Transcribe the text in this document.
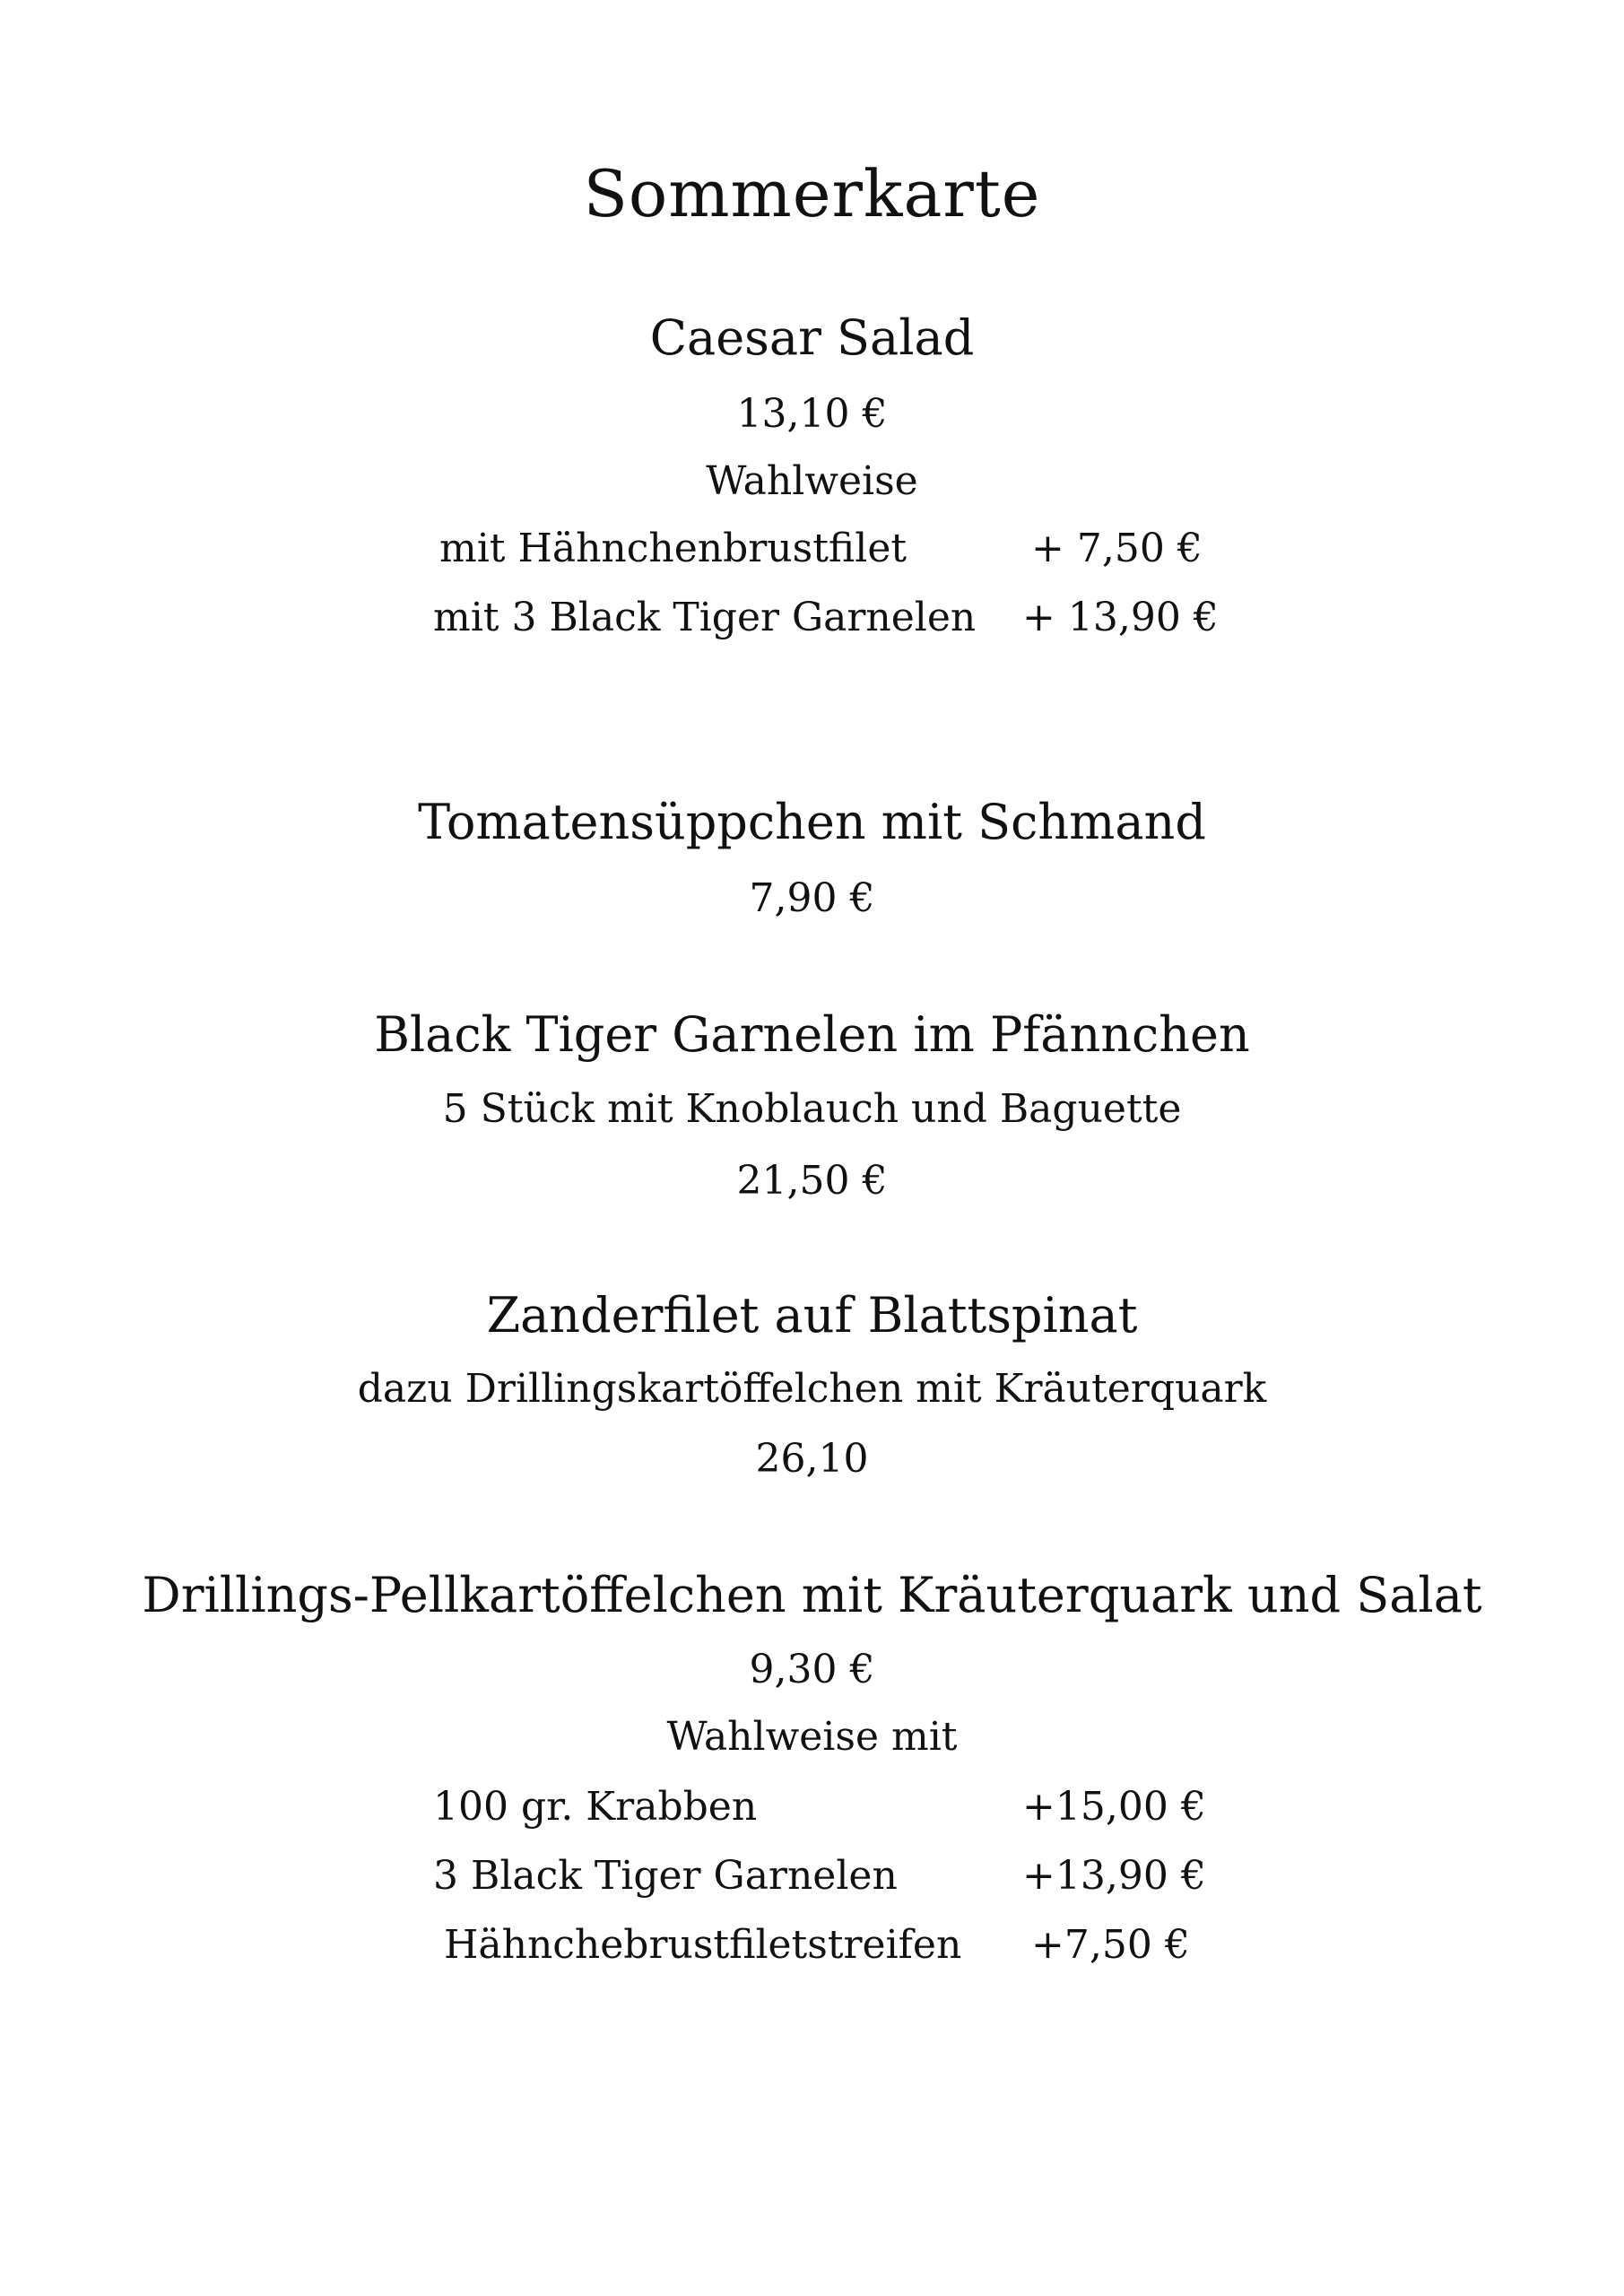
Sommerkarte
Caesar Salad
13,10 €
Wahlweise
mit Hähnchenbrustfilet	+ 7,50 €
mit 3 Black Tiger Garnelen + 13,90 €
Tomatensüppchen mit Schmand
7,90 €
Black Tiger Garnelen im Pfännchen
5 Stück mit Knoblauch und Baguette
21,50 €
Zanderfilet auf Blattspinat
dazu Drillingskartöffelchen mit Kräuterquark
26,10
Drillings-Pellkartöffelchen mit Kräuterquark und Salat
9,30 €
Wahlweise mit
100 gr. Krabben	+15,00 €
3 Black Tiger Garnelen	+13,90 €
Hähnchebrustfiletstreifen +7,50 €
